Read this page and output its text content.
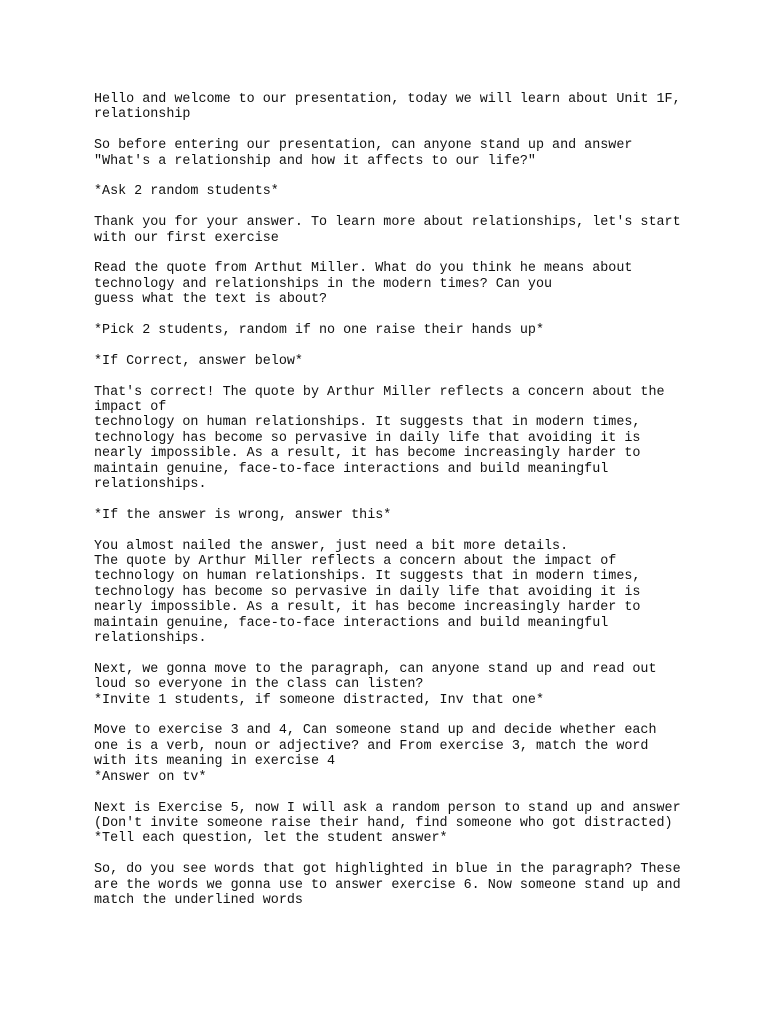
Hello and welcome to our presentation, today we will learn about Unit 1F,
relationship
So before entering our presentation, can anyone stand up and answer
"What's a relationship and how it affects to our life?"
*Ask 2 random students*
Thank you for your answer. To learn more about relationships, let's start
with our first exercise
Read the quote from Arthut Miller. What do you think he means about
technology and relationships in the modern times? Can you
guess what the text is about?
*Pick 2 students, random if no one raise their hands up*
*If Correct, answer below*
That's correct! The quote by Arthur Miller reflects a concern about the
impact of
technology on human relationships. It suggests that in modern times,
technology has become so pervasive in daily life that avoiding it is
nearly impossible. As a result, it has become increasingly harder to
maintain genuine, face-to-face interactions and build meaningful
relationships.
*If the answer is wrong, answer this*
You almost nailed the answer, just need a bit more details.
The quote by Arthur Miller reflects a concern about the impact of
technology on human relationships. It suggests that in modern times,
technology has become so pervasive in daily life that avoiding it is
nearly impossible. As a result, it has become increasingly harder to
maintain genuine, face-to-face interactions and build meaningful
relationships.
Next, we gonna move to the paragraph, can anyone stand up and read out
loud so everyone in the class can listen?
*Invite 1 students, if someone distracted, Inv that one*
Move to exercise 3 and 4, Can someone stand up and decide whether each
one is a verb, noun or adjective? and From exercise 3, match the word
with its meaning in exercise 4
*Answer on tv*
Next is Exercise 5, now I will ask a random person to stand up and answer
(Don't invite someone raise their hand, find someone who got distracted)
*Tell each question, let the student answer*
So, do you see words that got highlighted in blue in the paragraph? These
are the words we gonna use to answer exercise 6. Now someone stand up and
match the underlined words
